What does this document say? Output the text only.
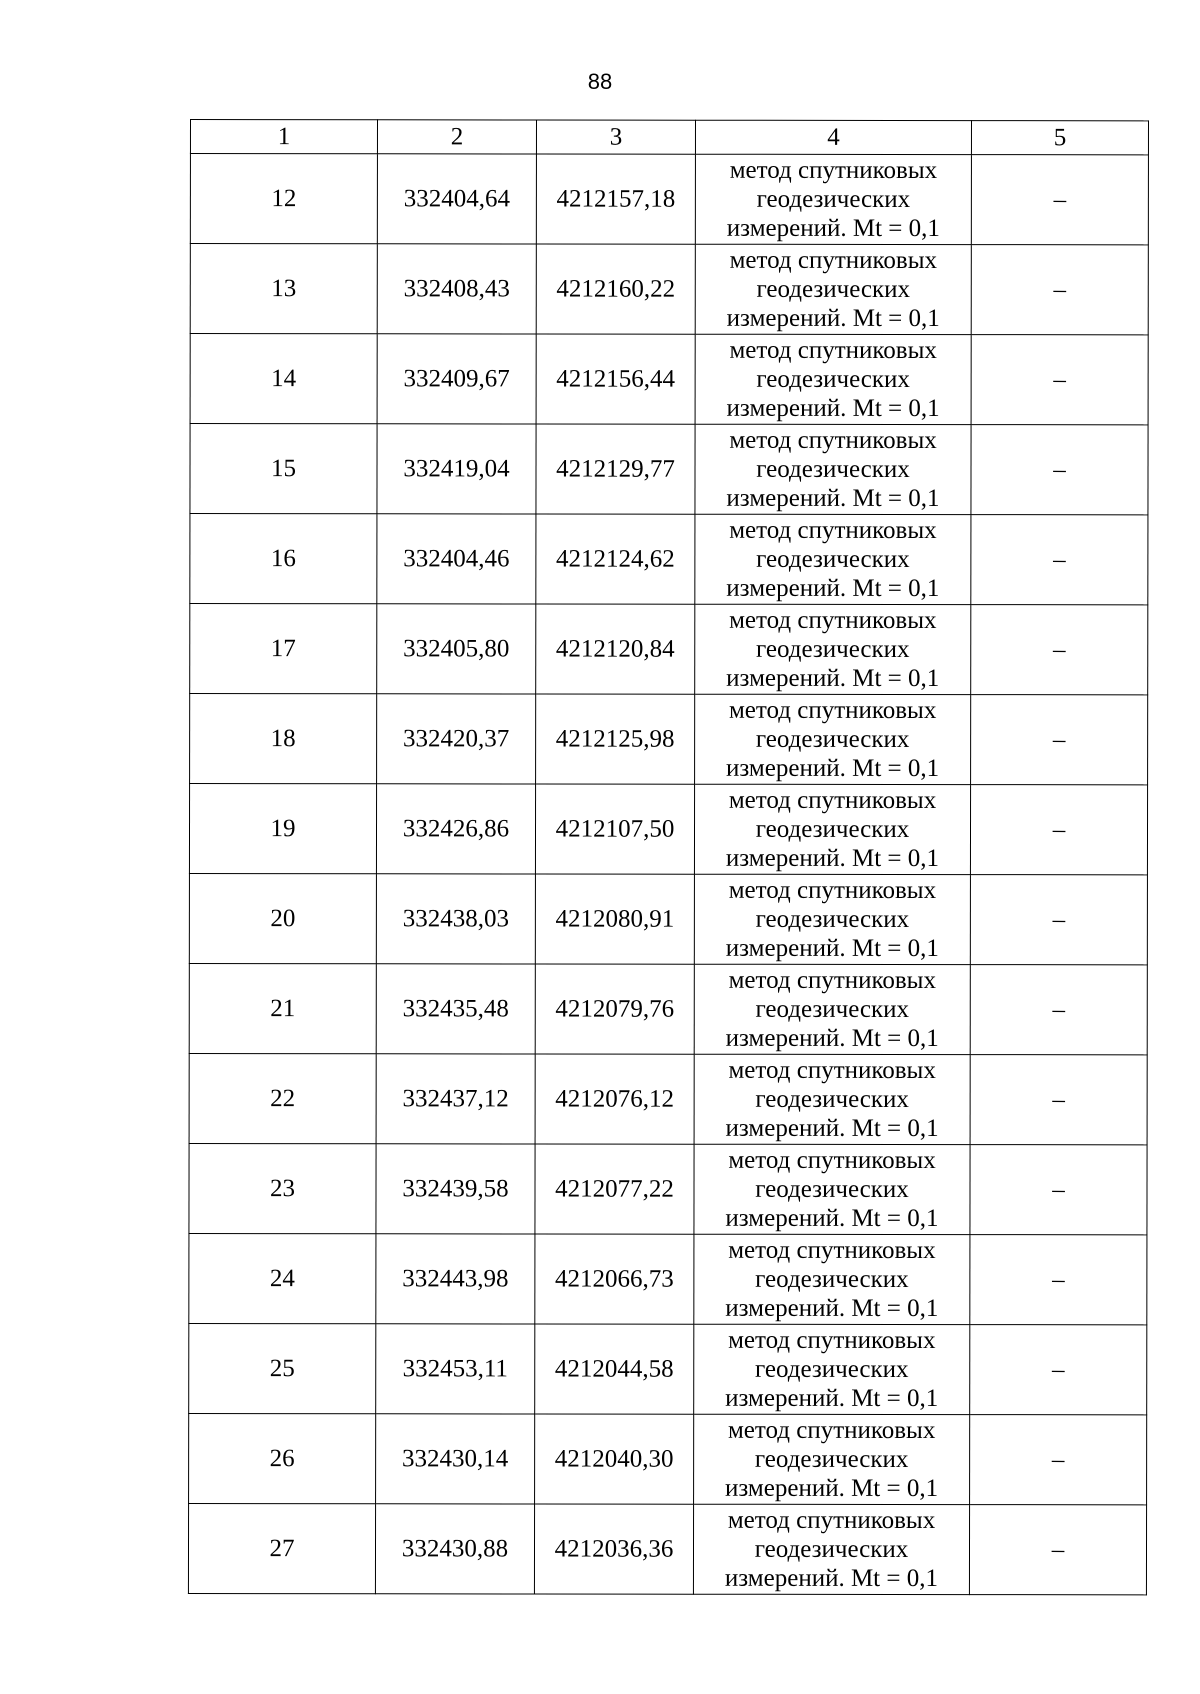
88
1	2	3	4	5
12	332404,64	4212157,18	метод спутниковых
геодезических
измерений. Mt = 0,1	–
13	332408,43	4212160,22	метод спутниковых
геодезических
измерений. Mt = 0,1	–
14	332409,67	4212156,44	метод спутниковых
геодезических
измерений. Mt = 0,1	–
15	332419,04	4212129,77	метод спутниковых
геодезических
измерений. Mt = 0,1	–
16	332404,46	4212124,62	метод спутниковых
геодезических
измерений. Mt = 0,1	–
17	332405,80	4212120,84	метод спутниковых
геодезических
измерений. Mt = 0,1	–
18	332420,37	4212125,98	метод спутниковых
геодезических
измерений. Mt = 0,1	–
19	332426,86	4212107,50	метод спутниковых
геодезических
измерений. Mt = 0,1	–
20	332438,03	4212080,91	метод спутниковых
геодезических
измерений. Mt = 0,1	–
21	332435,48	4212079,76	метод спутниковых
геодезических
измерений. Mt = 0,1	–
22	332437,12	4212076,12	метод спутниковых
геодезических
измерений. Mt = 0,1	–
23	332439,58	4212077,22	метод спутниковых
геодезических
измерений. Mt = 0,1	–
24	332443,98	4212066,73	метод спутниковых
геодезических
измерений. Mt = 0,1	–
25	332453,11	4212044,58	метод спутниковых
геодезических
измерений. Mt = 0,1	–
26	332430,14	4212040,30	метод спутниковых
геодезических
измерений. Mt = 0,1	–
27	332430,88	4212036,36	метод спутниковых
геодезических
измерений. Mt = 0,1	–
